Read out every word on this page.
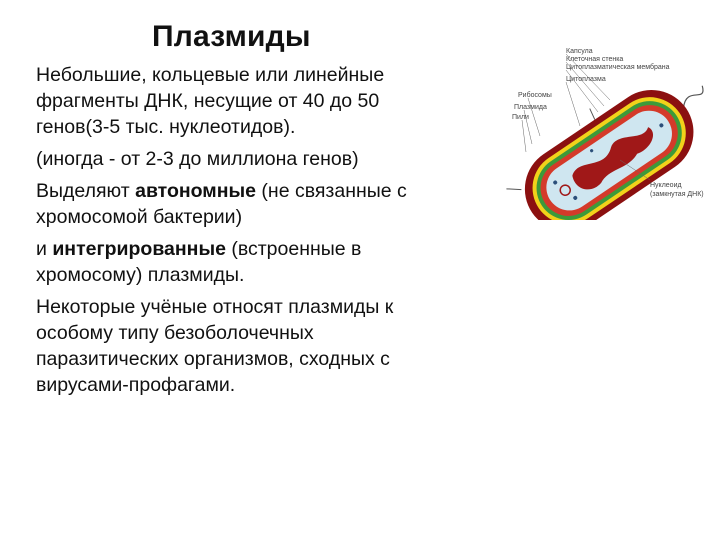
Плазмиды
Небольшие, кольцевые или линейные
фрагменты ДНК, несущие от 40 до 50
генов(3-5 тыс. нуклеотидов).
(иногда - от 2-3 до миллиона генов)
Выделяют автономные (не связанные с
хромосомой бактерии)
и интегрированные (встроенные в
хромосому) плазмиды.
Некоторые учёные относят плазмиды к
особому типу безоболочечных
паразитических организмов, сходных с
вирусами-профагами.
Капсула
Клеточная стенка
Цитоплазматическая мембрана
Цитоплазма
Рибосомы
Плазмида
Пили
Нуклеоид
(замкнутая ДНК)
